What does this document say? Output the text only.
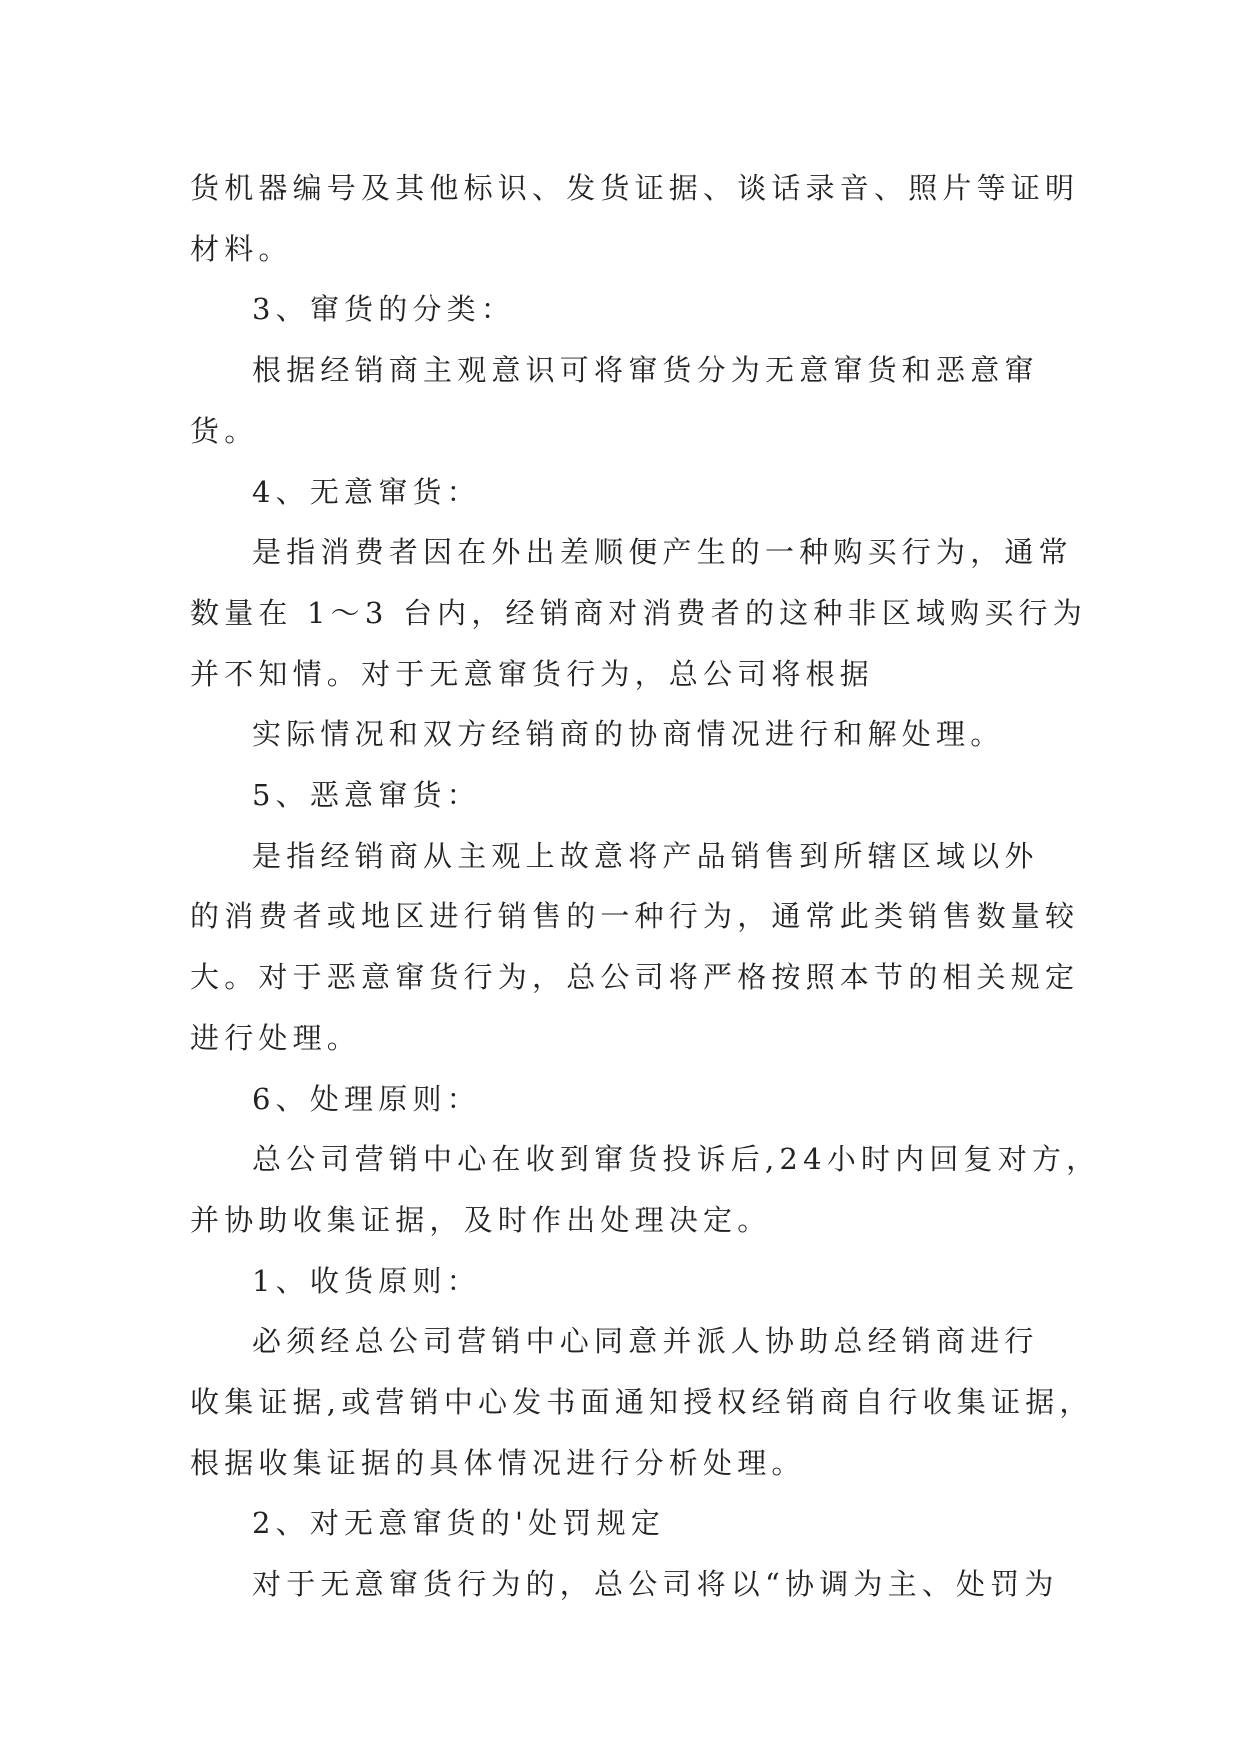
货机器编号及其他标识、发货证据、谈话录音、照片等证明

材料。

3、窜货的分类：

根据经销商主观意识可将窜货分为无意窜货和恶意窜

货。

4、无意窜货：

是指消费者因在外出差顺便产生的一种购买行为，通常

数量在 1～3 台内，经销商对消费者的这种非区域购买行为

并不知情。对于无意窜货行为，总公司将根据

实际情况和双方经销商的协商情况进行和解处理。

5、恶意窜货：

是指经销商从主观上故意将产品销售到所辖区域以外

的消费者或地区进行销售的一种行为，通常此类销售数量较

大。对于恶意窜货行为，总公司将严格按照本节的相关规定

进行处理。

6、处理原则：

总公司营销中心在收到窜货投诉后,24小时内回复对方，

并协助收集证据，及时作出处理决定。

1、收货原则：

必须经总公司营销中心同意并派人协助总经销商进行

收集证据,或营销中心发书面通知授权经销商自行收集证据，

根据收集证据的具体情况进行分析处理。

2、对无意窜货的'处罚规定

对于无意窜货行为的，总公司将以“协调为主、处罚为
